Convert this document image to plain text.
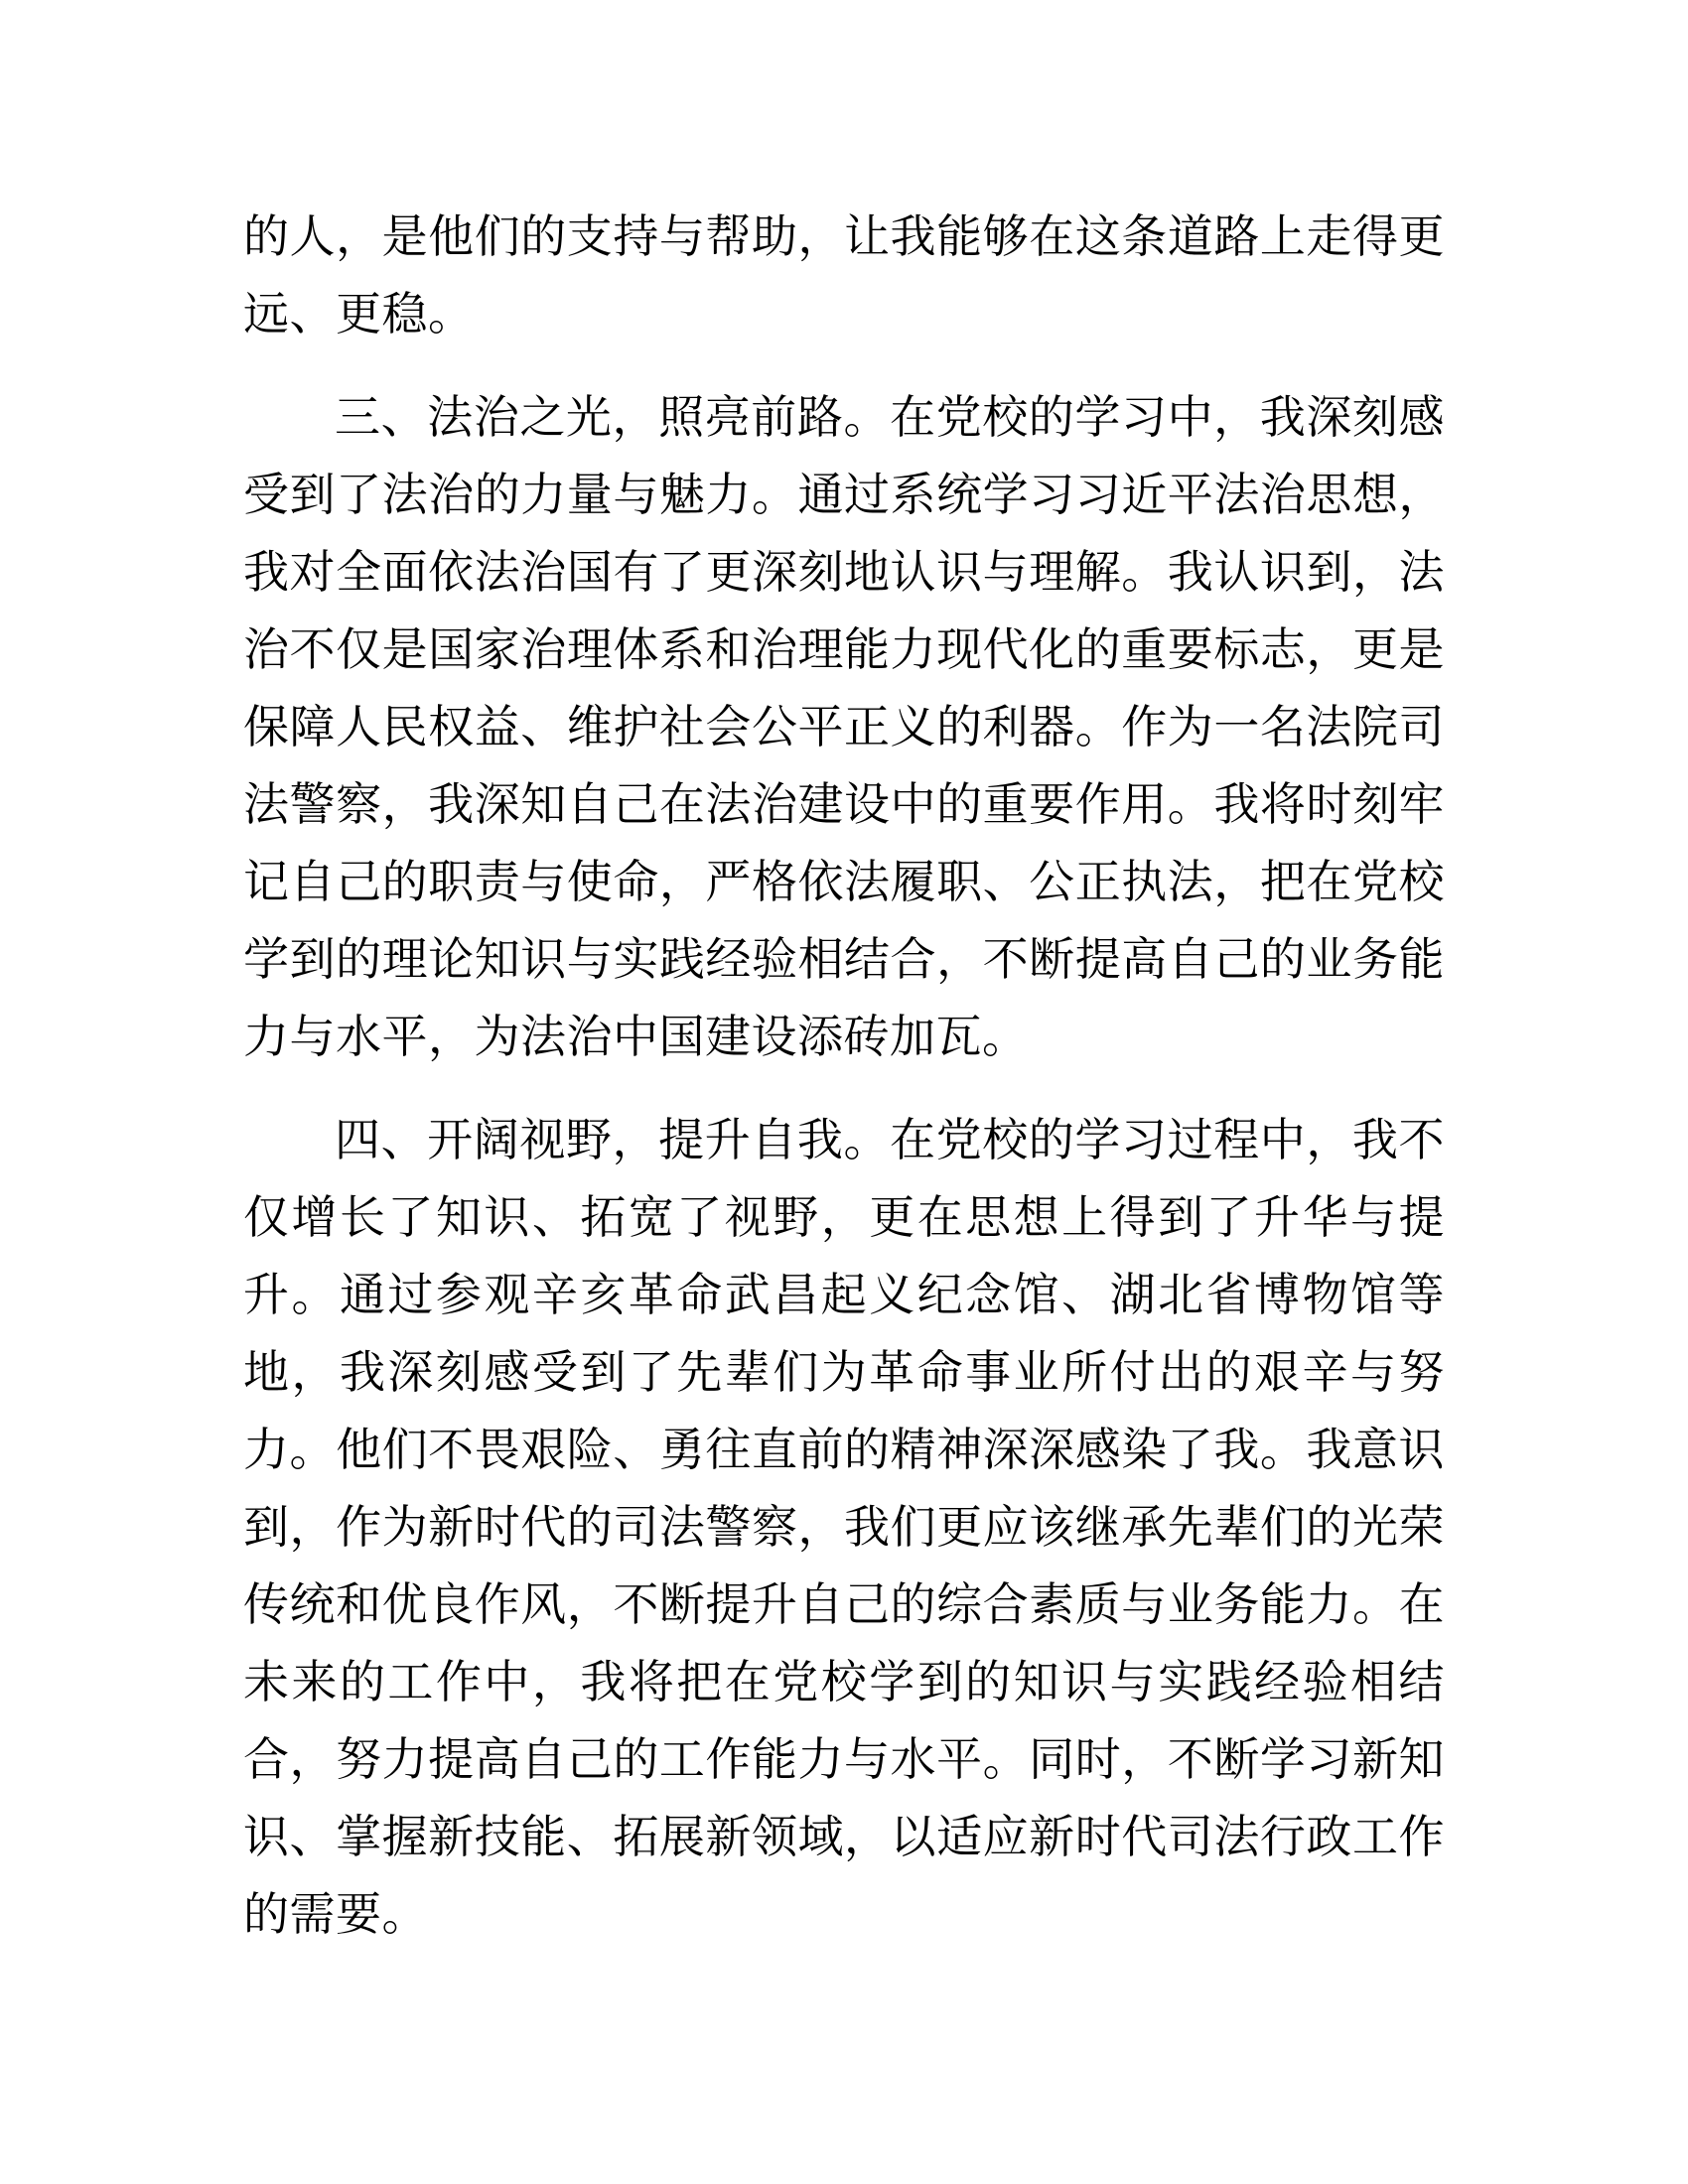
的人，是他们的支持与帮助，让我能够在这条道路上走得更远、更稳。

三、法治之光，照亮前路。在党校的学习中，我深刻感受到了法治的力量与魅力。通过系统学习习近平法治思想，我对全面依法治国有了更深刻地认识与理解。我认识到，法治不仅是国家治理体系和治理能力现代化的重要标志，更是保障人民权益、维护社会公平正义的利器。作为一名法院司法警察，我深知自己在法治建设中的重要作用。我将时刻牢记自己的职责与使命，严格依法履职、公正执法，把在党校学到的理论知识与实践经验相结合，不断提高自己的业务能力与水平，为法治中国建设添砖加瓦。

四、开阔视野，提升自我。在党校的学习过程中，我不仅增长了知识、拓宽了视野，更在思想上得到了升华与提升。通过参观辛亥革命武昌起义纪念馆、湖北省博物馆等地，我深刻感受到了先辈们为革命事业所付出的艰辛与努力。他们不畏艰险、勇往直前的精神深深感染了我。我意识到，作为新时代的司法警察，我们更应该继承先辈们的光荣传统和优良作风，不断提升自己的综合素质与业务能力。在未来的工作中，我将把在党校学到的知识与实践经验相结合，努力提高自己的工作能力与水平。同时，不断学习新知识、掌握新技能、拓展新领域，以适应新时代司法行政工作的需要。
